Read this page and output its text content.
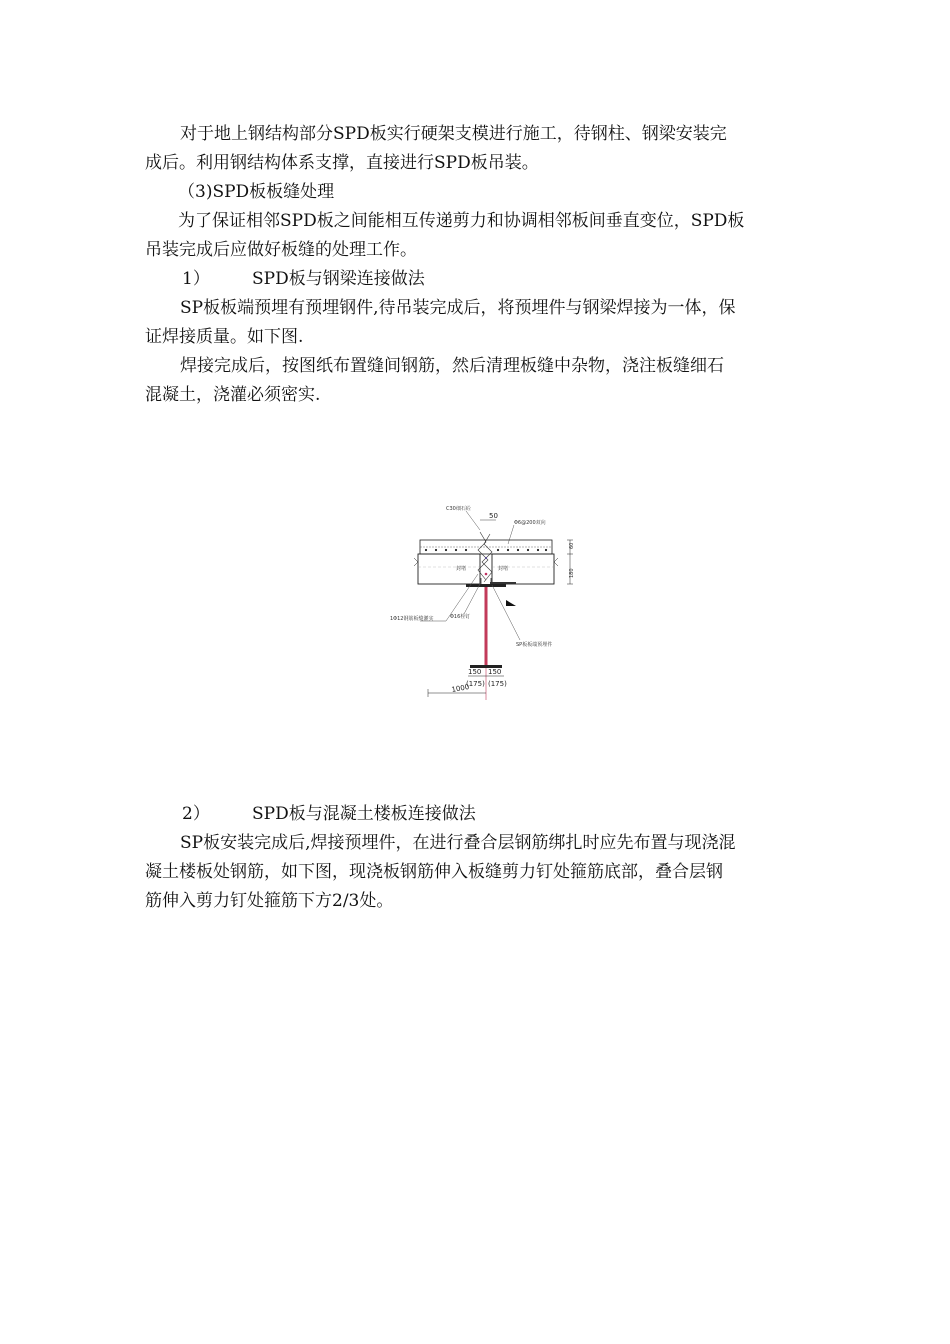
对于地上钢结构部分SPD板实行硬架支模进行施工，待钢柱、钢梁安装完
成后。利用钢结构体系支撑，直接进行SPD板吊装。
（3)SPD板板缝处理
为了保证相邻SPD板之间能相互传递剪力和协调相邻板间垂直变位，SPD板
吊装完成后应做好板缝的处理工作。
1） SPD板与钢梁连接做法
SP板板端预埋有预埋钢件,待吊装完成后，将预埋件与钢梁焊接为一体，保
证焊接质量。如下图.
焊接完成后，按图纸布置缝间钢筋，然后清理板缝中杂物，浇注板缝细石
混凝土，浇灌必须密实.
C30细石砼
50
Φ6@200双向
封堵	封堵
60
180
1Φ12钢筋板缝灌实	Φ16栓钉
SP板板端预埋件
150 150
(175) (175)
1000
2） SPD板与混凝土楼板连接做法
SP板安装完成后,焊接预埋件，在进行叠合层钢筋绑扎时应先布置与现浇混
凝土楼板处钢筋，如下图，现浇板钢筋伸入板缝剪力钉处箍筋底部，叠合层钢
筋伸入剪力钉处箍筋下方2/3处。
